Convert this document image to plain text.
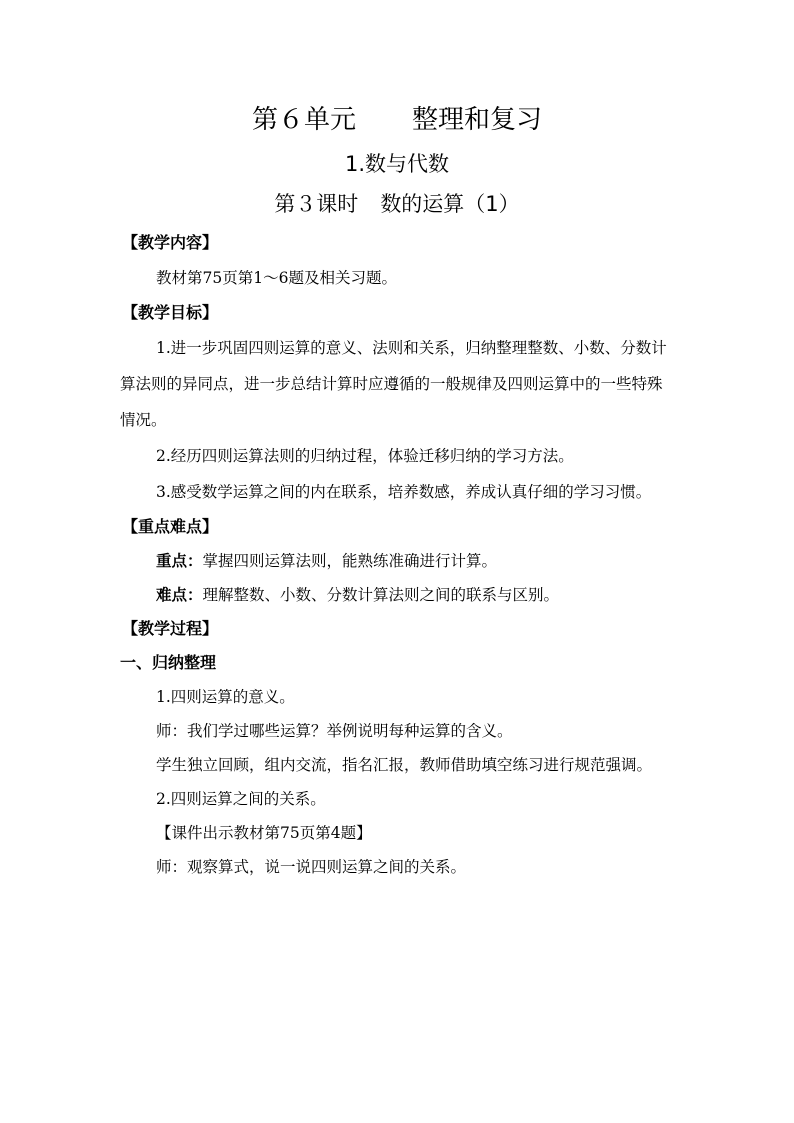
第６单元 整理和复习
1.数与代数
第３课时 数的运算（1）
【教学内容】

教材第75页第1～6题及相关习题。

【教学目标】

1.进一步巩固四则运算的意义、法则和关系，归纳整理整数、小数、分数计算法则的异同点，进一步总结计算时应遵循的一般规律及四则运算中的一些特殊情况。

2.经历四则运算法则的归纳过程，体验迁移归纳的学习方法。

3.感受数学运算之间的内在联系，培养数感，养成认真仔细的学习习惯。

【重点难点】

重点：掌握四则运算法则，能熟练准确进行计算。

难点：理解整数、小数、分数计算法则之间的联系与区别。

【教学过程】
一、归纳整理

1.四则运算的意义。

师：我们学过哪些运算？举例说明每种运算的含义。

学生独立回顾，组内交流，指名汇报，教师借助填空练习进行规范强调。

2.四则运算之间的关系。

【课件出示教材第75页第4题】

师：观察算式，说一说四则运算之间的关系。
